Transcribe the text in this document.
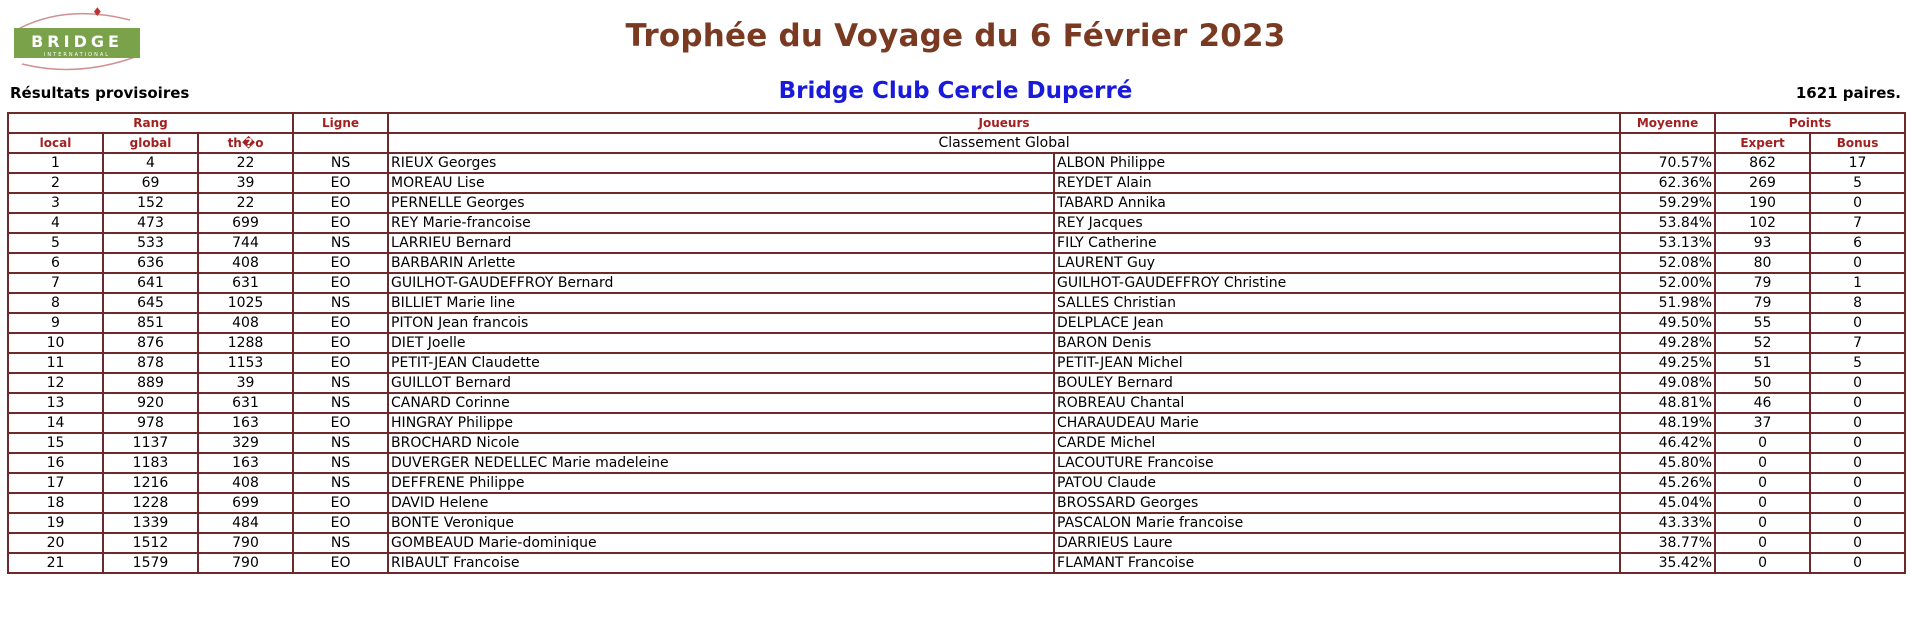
♦
BRIDGE
INTERNATIONAL
Trophée du Voyage du 6 Février 2023
Résultats provisoires	Bridge Club Cercle Duperré	1621 paires.
Rang			Ligne	Joueurs		Moyenne	Points	
local	global	th�o		Classement Global			Expert	Bonus
1	4	22	NS	RIEUX Georges	ALBON Philippe	70.57%	862	17
2	69	39	EO	MOREAU Lise	REYDET Alain	62.36%	269	5
3	152	22	EO	PERNELLE Georges	TABARD Annika	59.29%	190	0
4	473	699	EO	REY Marie-francoise	REY Jacques	53.84%	102	7
5	533	744	NS	LARRIEU Bernard	FILY Catherine	53.13%	93	6
6	636	408	EO	BARBARIN Arlette	LAURENT Guy	52.08%	80	0
7	641	631	EO	GUILHOT-GAUDEFFROY Bernard	GUILHOT-GAUDEFFROY Christine	52.00%	79	1
8	645	1025	NS	BILLIET Marie line	SALLES Christian	51.98%	79	8
9	851	408	EO	PITON Jean francois	DELPLACE Jean	49.50%	55	0
10	876	1288	EO	DIET Joelle	BARON Denis	49.28%	52	7
11	878	1153	EO	PETIT-JEAN Claudette	PETIT-JEAN Michel	49.25%	51	5
12	889	39	NS	GUILLOT Bernard	BOULEY Bernard	49.08%	50	0
13	920	631	NS	CANARD Corinne	ROBREAU Chantal	48.81%	46	0
14	978	163	EO	HINGRAY Philippe	CHARAUDEAU Marie	48.19%	37	0
15	1137	329	NS	BROCHARD Nicole	CARDE Michel	46.42%	0	0
16	1183	163	NS	DUVERGER NEDELLEC Marie madeleine	LACOUTURE Francoise	45.80%	0	0
17	1216	408	NS	DEFFRENE Philippe	PATOU Claude	45.26%	0	0
18	1228	699	EO	DAVID Helene	BROSSARD Georges	45.04%	0	0
19	1339	484	EO	BONTE Veronique	PASCALON Marie francoise	43.33%	0	0
20	1512	790	NS	GOMBEAUD Marie-dominique	DARRIEUS Laure	38.77%	0	0
21	1579	790	EO	RIBAULT Francoise	FLAMANT Francoise	35.42%	0	0
